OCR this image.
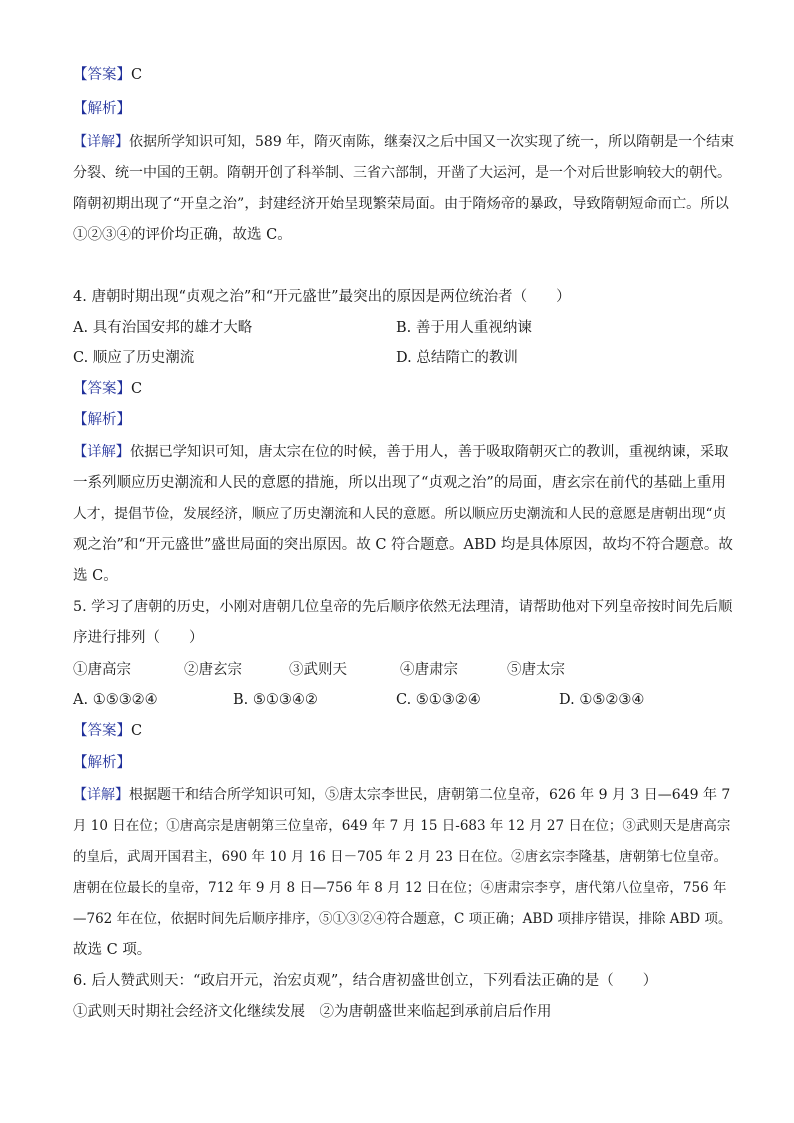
【答案】C
【解析】
【详解】依据所学知识可知，589 年，隋灭南陈，继秦汉之后中国又一次实现了统一，所以隋朝是一个结束
分裂、统一中国的王朝。隋朝开创了科举制、三省六部制，开凿了大运河，是一个对后世影响较大的朝代。
隋朝初期出现了“开皇之治”，封建经济开始呈现繁荣局面。由于隋炀帝的暴政，导致隋朝短命而亡。所以
①②③④的评价均正确，故选 C。
4. 唐朝时期出现“贞观之治”和“开元盛世”最突出的原因是两位统治者（　　）
A. 具有治国安邦的雄才大略	B. 善于用人重视纳谏
C. 顺应了历史潮流	D. 总结隋亡的教训
【答案】C
【解析】
【详解】依据已学知识可知，唐太宗在位的时候，善于用人，善于吸取隋朝灭亡的教训，重视纳谏，采取
一系列顺应历史潮流和人民的意愿的措施，所以出现了“贞观之治”的局面，唐玄宗在前代的基础上重用
人才，提倡节俭，发展经济，顺应了历史潮流和人民的意愿。所以顺应历史潮流和人民的意愿是唐朝出现“贞
观之治”和“开元盛世”盛世局面的突出原因。故 C 符合题意。ABD 均是具体原因，故均不符合题意。故
选 C。
5. 学习了唐朝的历史，小刚对唐朝几位皇帝的先后顺序依然无法理清，请帮助他对下列皇帝按时间先后顺
序进行排列（　　）
①唐高宗	②唐玄宗	③武则天	④唐肃宗	⑤唐太宗
A. ①⑤③②④	B. ⑤①③④②	C. ⑤①③②④	D. ①⑤②③④
【答案】C
【解析】
【详解】根据题干和结合所学知识可知，⑤唐太宗李世民，唐朝第二位皇帝，626 年 9 月 3 日—649 年 7
月 10 日在位；①唐高宗是唐朝第三位皇帝，649 年 7 月 15 日-683 年 12 月 27 日在位；③武则天是唐高宗
的皇后，武周开国君主，690 年 10 月 16 日－705 年 2 月 23 日在位。②唐玄宗李隆基，唐朝第七位皇帝。
唐朝在位最长的皇帝，712 年 9 月 8 日—756 年 8 月 12 日在位；④唐肃宗李亨，唐代第八位皇帝，756 年
—762 年在位，依据时间先后顺序排序，⑤①③②④符合题意，C 项正确；ABD 项排序错误，排除 ABD 项。
故选 C 项。
6. 后人赞武则天：“政启开元，治宏贞观”，结合唐初盛世创立，下列看法正确的是（　　）
①武则天时期社会经济文化继续发展　②为唐朝盛世来临起到承前启后作用
